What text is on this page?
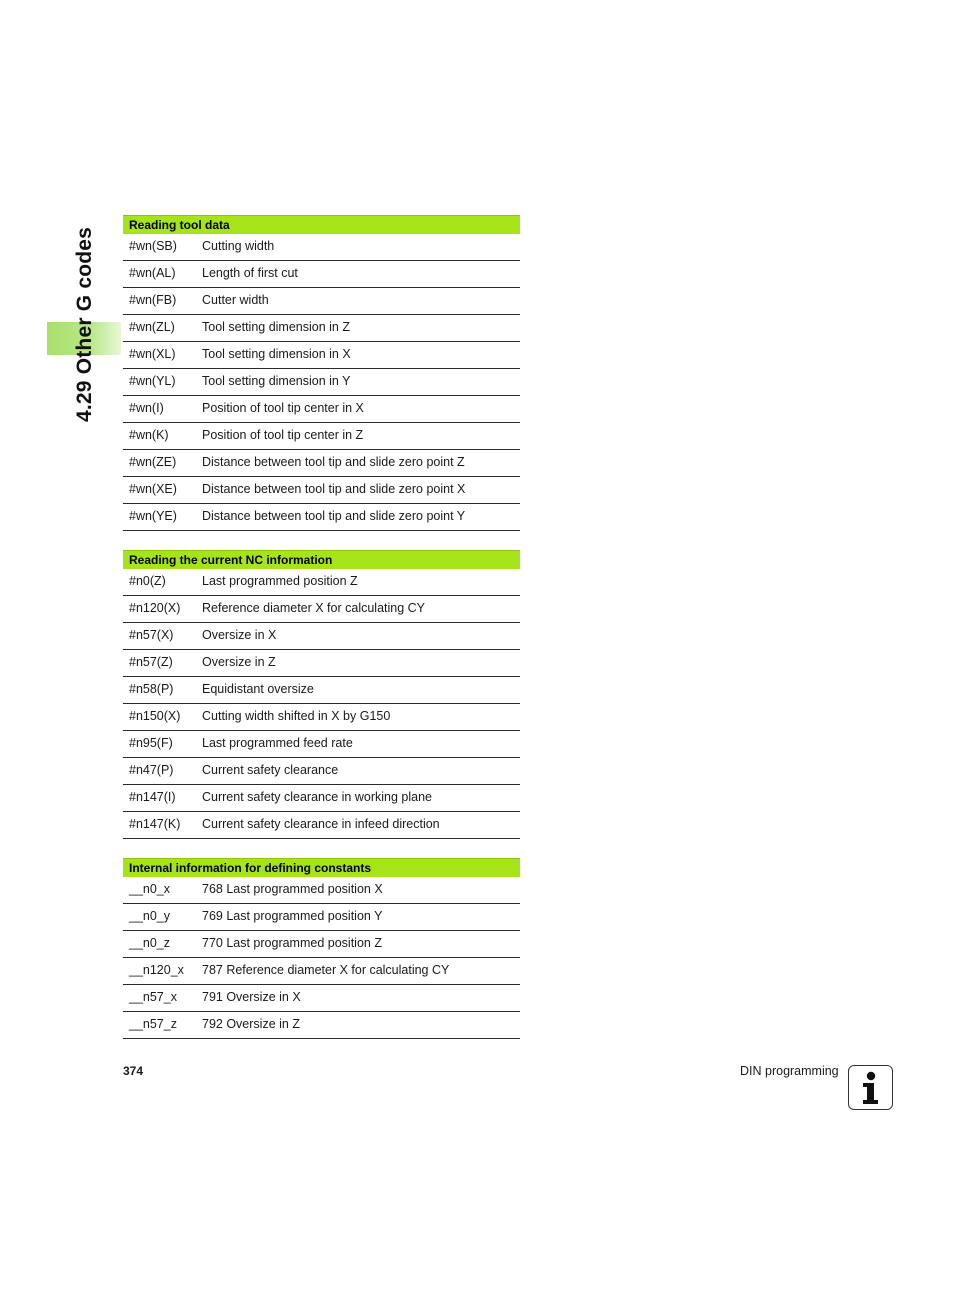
4.29 Other G codes
Reading tool data
#wn(SB) Cutting width
#wn(AL) Length of first cut
#wn(FB) Cutter width
#wn(ZL) Tool setting dimension in Z
#wn(XL) Tool setting dimension in X
#wn(YL) Tool setting dimension in Y
#wn(I)	Position of tool tip center in X
#wn(K)	Position of tool tip center in Z
#wn(ZE) Distance between tool tip and slide zero point Z
#wn(XE) Distance between tool tip and slide zero point X
#wn(YE) Distance between tool tip and slide zero point Y
Reading the current NC information
#n0(Z)	Last programmed position Z
#n120(X) Reference diameter X for calculating CY
#n57(X) Oversize in X
#n57(Z) Oversize in Z
#n58(P) Equidistant oversize
#n150(X) Cutting width shifted in X by G150
#n95(F) Last programmed feed rate
#n47(P) Current safety clearance
#n147(I) Current safety clearance in working plane
#n147(K) Current safety clearance in infeed direction
Internal information for defining constants
__n0_x	768 Last programmed position X
__n0_y	769 Last programmed position Y
__n0_z	770 Last programmed position Z
__n120_x 787 Reference diameter X for calculating CY
__n57_x 791 Oversize in X
__n57_z 792 Oversize in Z
374	DIN programming
